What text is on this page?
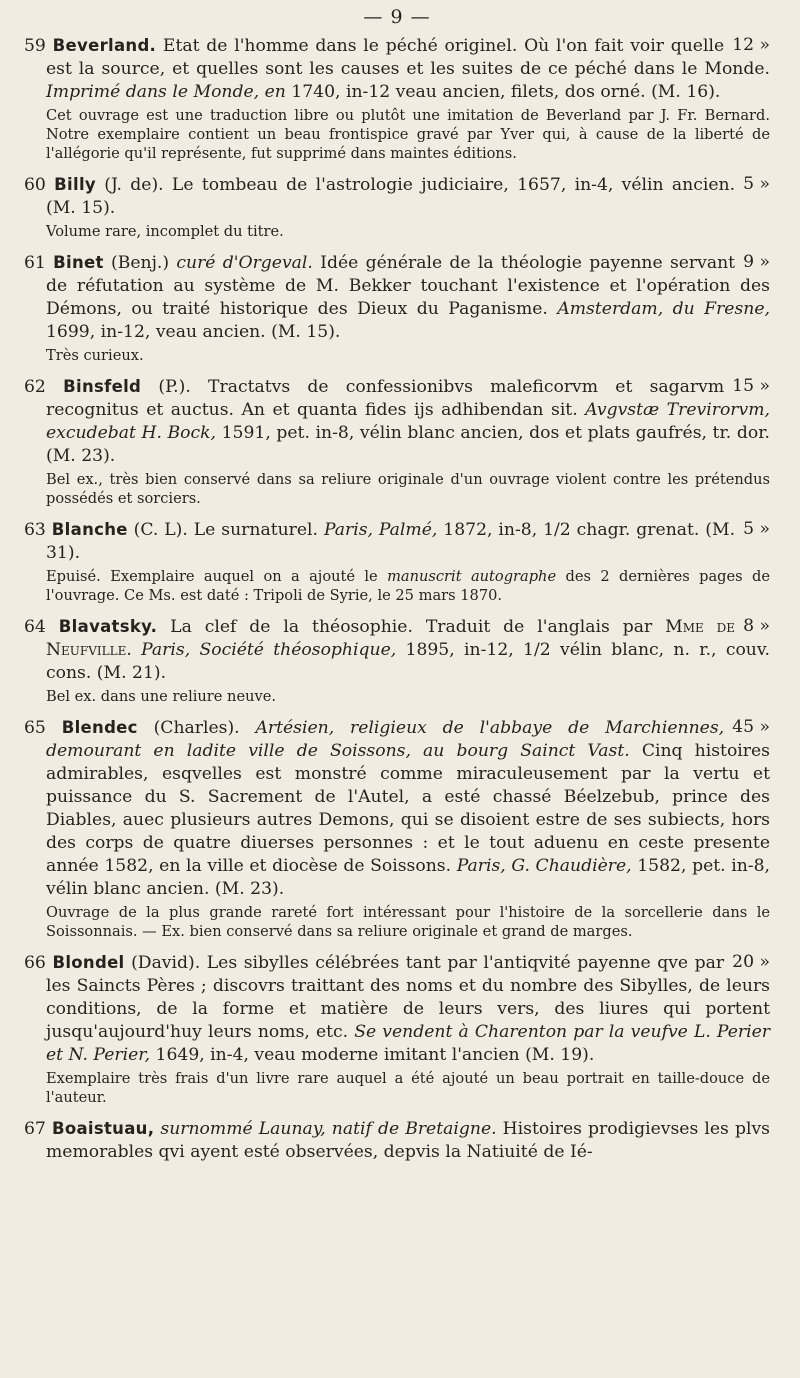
— 9 —
12 »
59 Beverland. Etat de l'homme dans le péché originel. Où l'on fait voir quelle est la source, et quelles sont les causes et les suites de ce péché dans le Monde. Imprimé dans le Monde, en 1740, in-12 veau ancien, filets, dos orné. (M. 16).
Cet ouvrage est une traduction libre ou plutôt une imitation de Beverland par J. Fr. Bernard. Notre exemplaire contient un beau frontispice gravé par Yver qui, à cause de la liberté de l'allégorie qu'il représente, fut supprimé dans maintes éditions.
5 »
60 Billy (J. de). Le tombeau de l'astrologie judiciaire, 1657, in-4, vélin ancien. (M. 15).
Volume rare, incomplet du titre.
9 »
61 Binet (Benj.) curé d'Orgeval. Idée générale de la théologie payenne servant de réfutation au système de M. Bekker touchant l'existence et l'opération des Démons, ou traité historique des Dieux du Paganisme. Amsterdam, du Fresne, 1699, in-12, veau ancien. (M. 15).
Très curieux.
15 »
62 Binsfeld (P.). Tractatvs de confessionibvs maleficorvm et sagarvm recognitus et auctus. An et quanta fides ijs adhibendan sit. Avgvstæ Trevirorvm, excudebat H. Bock, 1591, pet. in-8, vélin blanc ancien, dos et plats gaufrés, tr. dor. (M. 23).
Bel ex., très bien conservé dans sa reliure originale d'un ouvrage violent contre les prétendus possédés et sorciers.
5 »
63 Blanche (C. L). Le surnaturel. Paris, Palmé, 1872, in-8, 1/2 chagr. grenat. (M. 31).
Epuisé. Exemplaire auquel on a ajouté le manuscrit autographe des 2 dernières pages de l'ouvrage. Ce Ms. est daté : Tripoli de Syrie, le 25 mars 1870.
8 »
64 Blavatsky. La clef de la théosophie. Traduit de l'anglais par Mme de Neufville. Paris, Société théosophique, 1895, in-12, 1/2 vélin blanc, n. r., couv. cons. (M. 21).
Bel ex. dans une reliure neuve.
45 »
65 Blendec (Charles). Artésien, religieux de l'abbaye de Marchiennes, demourant en ladite ville de Soissons, au bourg Sainct Vast. Cinq histoires admirables, esqvelles est monstré comme miraculeusement par la vertu et puissance du S. Sacrement de l'Autel, a esté chassé Béelzebub, prince des Diables, auec plusieurs autres Demons, qui se disoient estre de ses subiects, hors des corps de quatre diuerses personnes : et le tout aduenu en ceste presente année 1582, en la ville et diocèse de Soissons. Paris, G. Chaudière, 1582, pet. in-8, vélin blanc ancien. (M. 23).
Ouvrage de la plus grande rareté fort intéressant pour l'histoire de la sorcellerie dans le Soissonnais. — Ex. bien conservé dans sa reliure originale et grand de marges.
20 »
66 Blondel (David). Les sibylles célébrées tant par l'antiqvité payenne qve par les Saincts Pères ; discovrs traittant des noms et du nombre des Sibylles, de leurs conditions, de la forme et matière de leurs vers, des liures qui portent jusqu'aujourd'huy leurs noms, etc. Se vendent à Charenton par la veufve L. Perier et N. Perier, 1649, in-4, veau moderne imitant l'ancien (M. 19).
Exemplaire très frais d'un livre rare auquel a été ajouté un beau portrait en taille-douce de l'auteur.
67 Boaistuau, surnommé Launay, natif de Bretaigne. Histoires prodigievses les plvs memorables qvi ayent esté observées, depvis la Natiuité de Ié-
